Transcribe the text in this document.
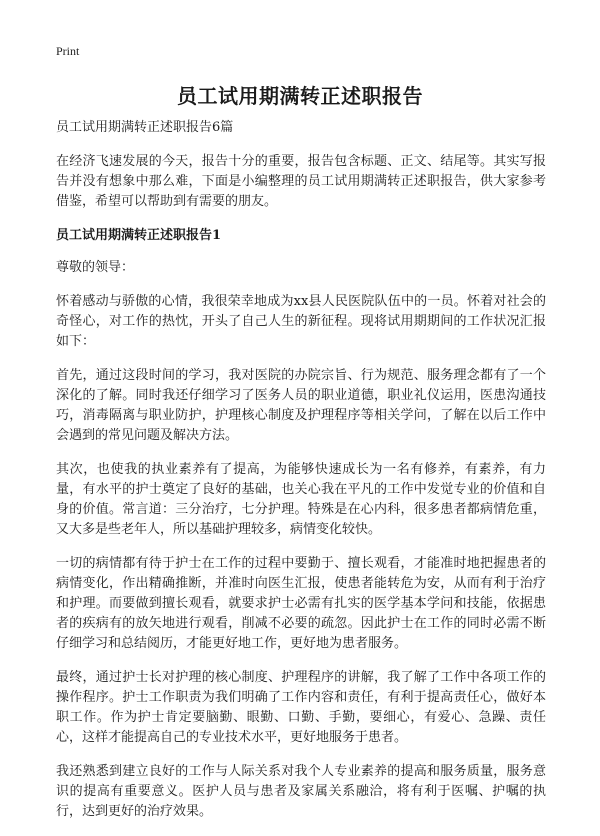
Print
员工试用期满转正述职报告

员工试用期满转正述职报告6篇

在经济飞速发展的今天，报告十分的重要，报告包含标题、正文、结尾等。其实写报告并没有想象中那么难，下面是小编整理的员工试用期满转正述职报告，供大家参考借鉴，希望可以帮助到有需要的朋友。

员工试用期满转正述职报告1

尊敬的领导：

怀着感动与骄傲的心情，我很荣幸地成为xx县人民医院队伍中的一员。怀着对社会的奇怪心，对工作的热忱，开头了自己人生的新征程。现将试用期期间的工作状况汇报如下：

首先，通过这段时间的学习，我对医院的办院宗旨、行为规范、服务理念都有了一个深化的了解。同时我还仔细学习了医务人员的职业道德，职业礼仪运用，医患沟通技巧，消毒隔离与职业防护，护理核心制度及护理程序等相关学问，了解在以后工作中会遇到的常见问题及解决方法。

其次，也使我的执业素养有了提高，为能够快速成长为一名有修养，有素养，有力量，有水平的护士奠定了良好的基础，也关心我在平凡的工作中发觉专业的价值和自身的价值。常言道：三分治疗，七分护理。特殊是在心内科，很多患者都病情危重，又大多是些老年人，所以基础护理较多，病情变化较快。

一切的病情都有待于护士在工作的过程中要勤于、擅长观看，才能准时地把握患者的病情变化，作出精确推断，并准时向医生汇报，使患者能转危为安，从而有利于治疗和护理。而要做到擅长观看，就要求护士必需有扎实的医学基本学问和技能，依据患者的疾病有的放矢地进行观看，削减不必要的疏忽。因此护士在工作的同时必需不断仔细学习和总结阅历，才能更好地工作，更好地为患者服务。

最终，通过护士长对护理的核心制度、护理程序的讲解，我了解了工作中各项工作的操作程序。护士工作职责为我们明确了工作内容和责任，有利于提高责任心，做好本职工作。作为护士肯定要脑勤、眼勤、口勤、手勤，要细心，有爱心、急躁、责任心，这样才能提高自己的专业技术水平，更好地服务于患者。

我还熟悉到建立良好的工作与人际关系对我个人专业素养的提高和服务质量，服务意识的提高有重要意义。医护人员与患者及家属关系融洽，将有利于医嘱、护嘱的执行，达到更好的治疗效果。
